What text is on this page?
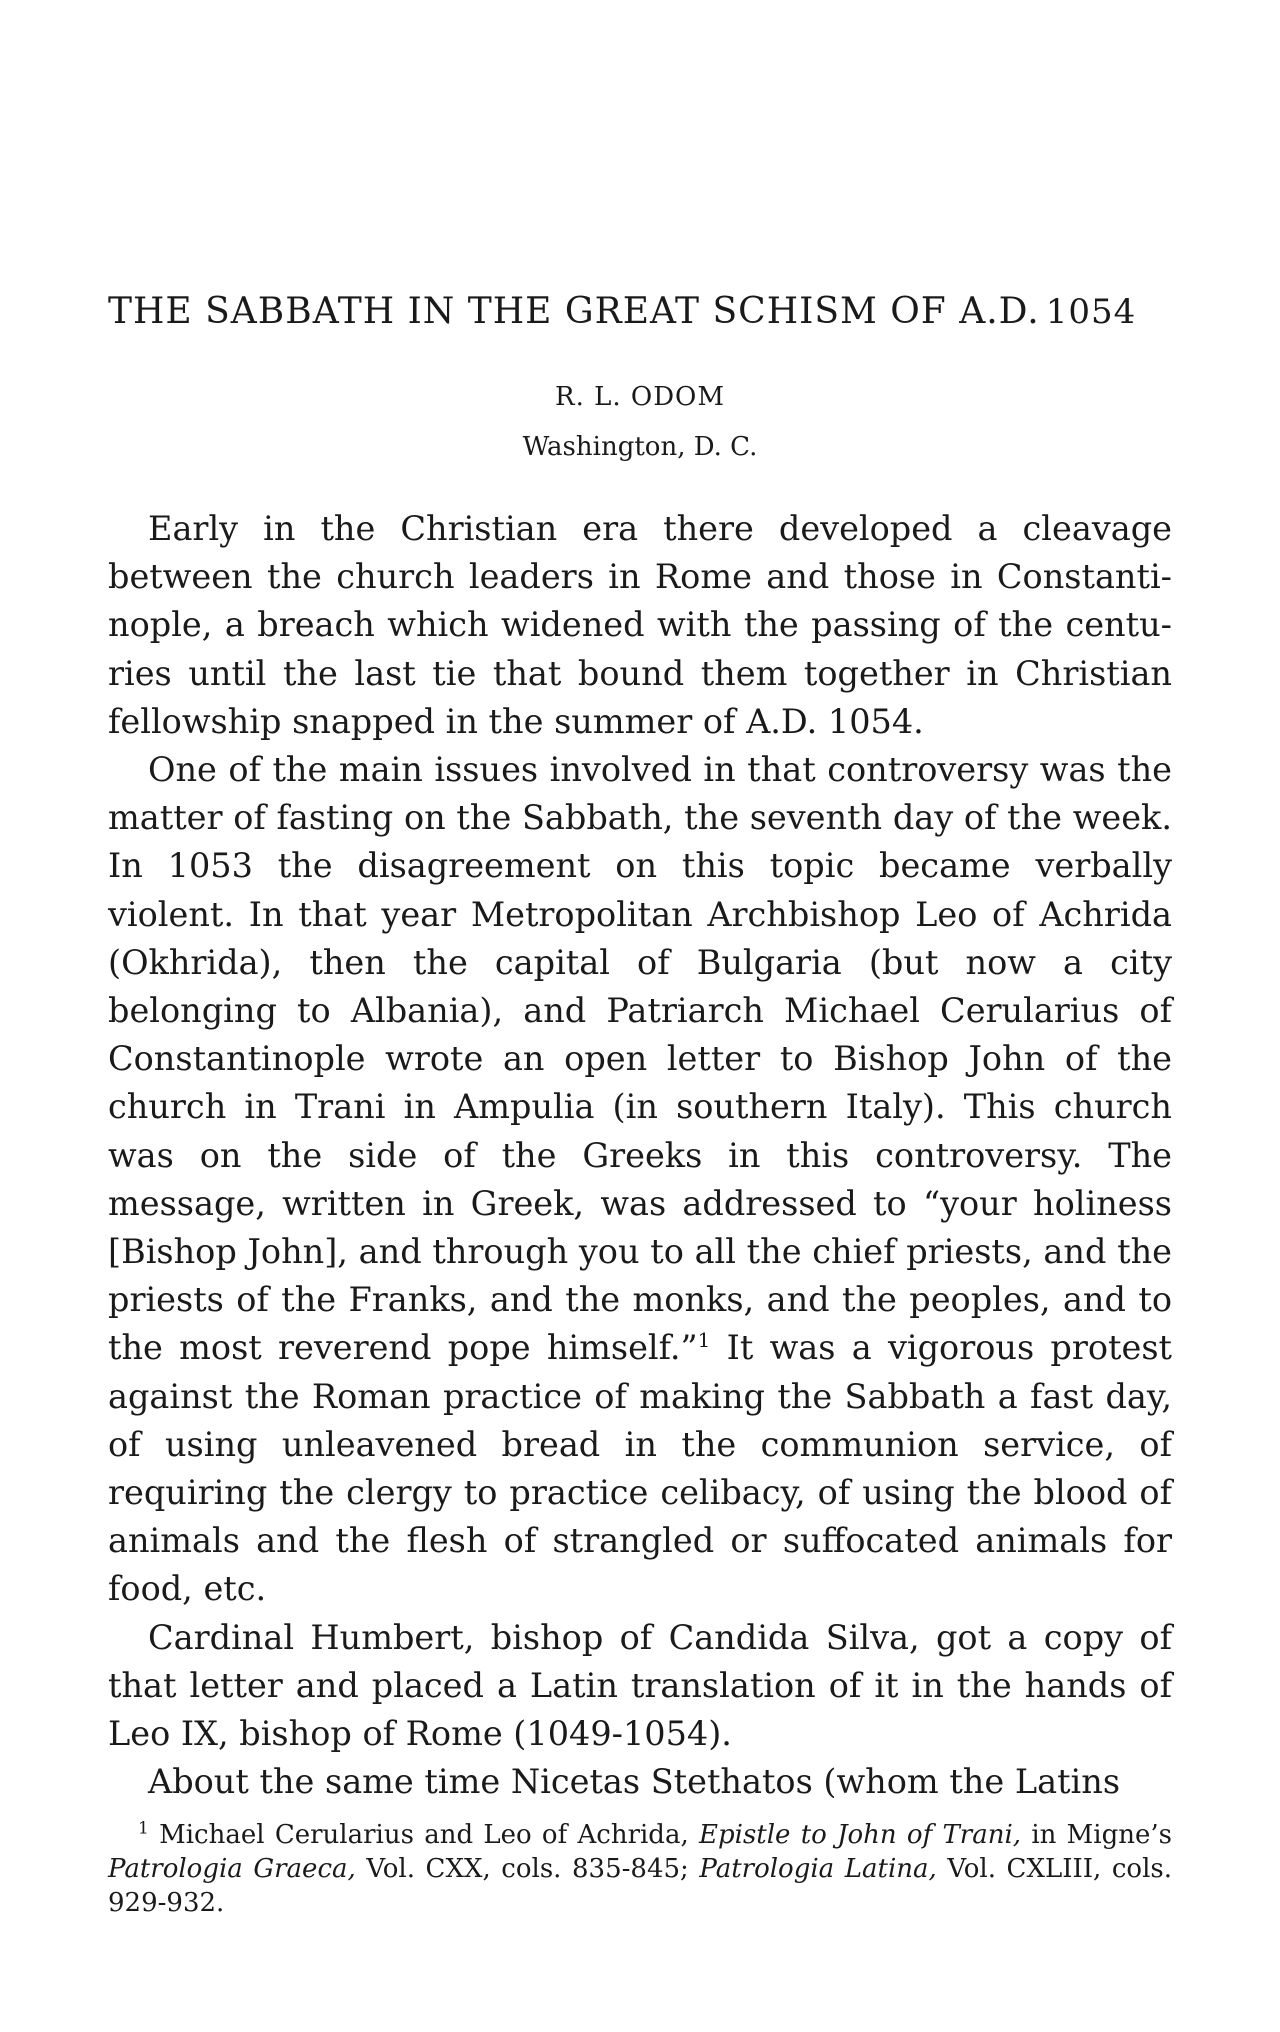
THE SABBATH IN THE GREAT SCHISM OF A.D. 1054
R. L. ODOM
Washington, D. C.

Early in the Christian era there developed a cleavage between the church leaders in Rome and those in Constanti-nople, a breach which widened with the passing of the centu-ries until the last tie that bound them together in Christian fellowship snapped in the summer of A.D. 1054.

One of the main issues involved in that controversy was the matter of fasting on the Sabbath, the seventh day of the week. In 1053 the disagreement on this topic became verbally violent. In that year Metropolitan Archbishop Leo of Achrida (Okhrida), then the capital of Bulgaria (but now a city belonging to Albania), and Patriarch Michael Cerularius of Constantinople wrote an open letter to Bishop John of the church in Trani in Ampulia (in southern Italy). This church was on the side of the Greeks in this controversy. The message, written in Greek, was addressed to “your holiness [Bishop John], and through you to all the chief priests, and the priests of the Franks, and the monks, and the peoples, and to the most reverend pope himself.”$^1$ It was a vigorous protest against the Roman practice of making the Sabbath a fast day, of using unleavened bread in the communion service, of requiring the clergy to practice celibacy, of using the blood of animals and the flesh of strangled or suffocated animals for food, etc.

Cardinal Humbert, bishop of Candida Silva, got a copy of that letter and placed a Latin translation of it in the hands of Leo IX, bishop of Rome (1049-1054).

About the same time Nicetas Stethatos (whom the Latins

$^1$ Michael Cerularius and Leo of Achrida, Epistle to John of Trani, in Migne’s Patrologia Graeca, Vol. CXX, cols. 835-845; Patrologia Latina, Vol. CXLIII, cols. 929-932.
